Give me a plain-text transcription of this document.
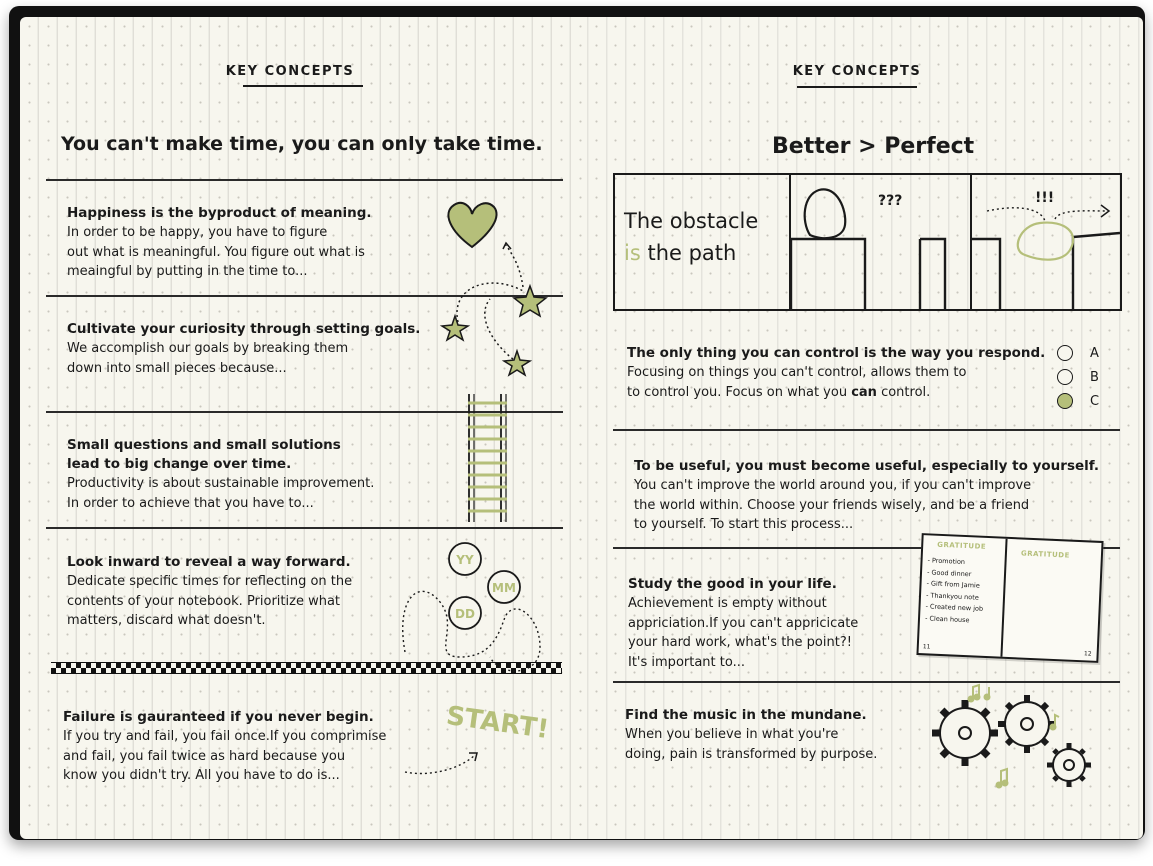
KEY CONCEPTS
You can't make time, you can only take time.
Happiness is the byproduct of meaning.
In order to be happy, you have to figure
out what is meaningful. You figure out what is
meaingful by putting in the time to...
Cultivate your curiosity through setting goals.
We accomplish our goals by breaking them
down into small pieces because...
Small questions and small solutions
lead to big change over time.
Productivity is about sustainable improvement.
In order to achieve that you have to...
Look inward to reveal a way forward.
Dedicate specific times for reflecting on the
contents of your notebook. Prioritize what
matters, discard what doesn't.
Failure is gauranteed if you never begin.
If you try and fail, you fail once.If you comprimise
and fail, you fail twice as hard because you
know you didn't try. All you have to do is...
YY
MM
DD
START!
KEY CONCEPTS
Better > Perfect
The obstacle
is the path
???	!!!
The only thing you can control is the way you respond.
Focusing on things you can't control, allows them to
to control you. Focus on what you can control.
A
B
C
To be useful, you must become useful, especially to yourself.
You can't improve the world around you, if you can't improve
the world within. Choose your friends wisely, and be a friend
to yourself. To start this process...
Study the good in your life.
Achievement is empty without
appriciation.If you can't appricicate
your hard work, what's the point?!
It's important to...
GRATITUDE
GRATITUDE
- Promotion
- Good dinner
- Gift from Jamie
- Thankyou note
- Created new job
- Clean house
11
12
Find the music in the mundane.
When you believe in what you're
doing, pain is transformed by purpose.
